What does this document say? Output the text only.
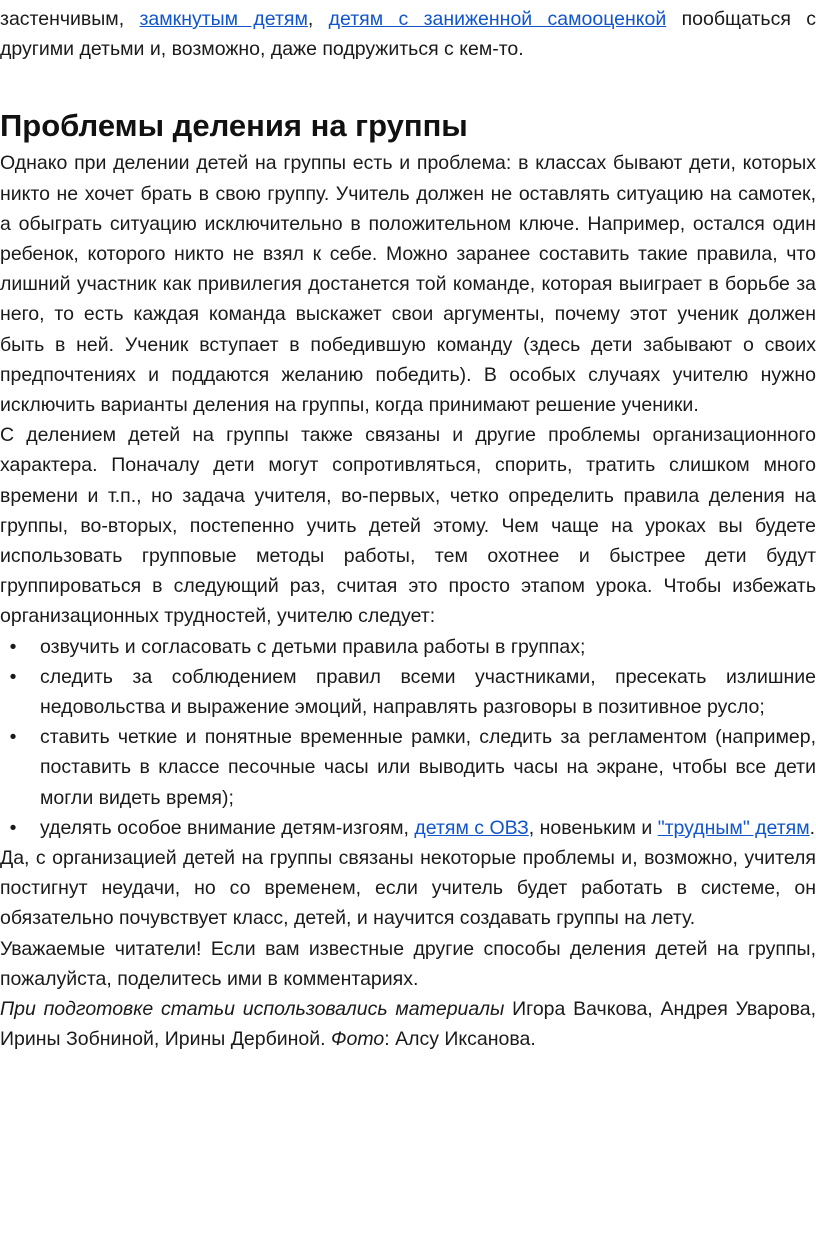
застенчивым, замкнутым детям, детям с заниженной самооценкой пообщаться с другими детьми и, возможно, даже подружиться с кем-то.

Проблемы деления на группы

Однако при делении детей на группы есть и проблема: в классах бывают дети, которых никто не хочет брать в свою группу. Учитель должен не оставлять ситуацию на самотек, а обыграть ситуацию исключительно в положительном ключе. Например, остался один ребенок, которого никто не взял к себе. Можно заранее составить такие правила, что лишний участник как привилегия достанется той команде, которая выиграет в борьбе за него, то есть каждая команда выскажет свои аргументы, почему этот ученик должен быть в ней. Ученик вступает в победившую команду (здесь дети забывают о своих предпочтениях и поддаются желанию победить). В особых случаях учителю нужно исключить варианты деления на группы, когда принимают решение ученики.

С делением детей на группы также связаны и другие проблемы организационного характера. Поначалу дети могут сопротивляться, спорить, тратить слишком много времени и т.п., но задача учителя, во-первых, четко определить правила деления на группы, во-вторых, постепенно учить детей этому. Чем чаще на уроках вы будете использовать групповые методы работы, тем охотнее и быстрее дети будут группироваться в следующий раз, считая это просто этапом урока. Чтобы избежать организационных трудностей, учителю следует:

• озвучить и согласовать с детьми правила работы в группах;
• следить за соблюдением правил всеми участниками, пресекать излишние недовольства и выражение эмоций, направлять разговоры в позитивное русло;
• ставить четкие и понятные временные рамки, следить за регламентом (например, поставить в классе песочные часы или выводить часы на экране, чтобы все дети могли видеть время);
• уделять особое внимание детям-изгоям, детям с ОВЗ, новеньким и "трудным" детям.

Да, с организацией детей на группы связаны некоторые проблемы и, возможно, учителя постигнут неудачи, но со временем, если учитель будет работать в системе, он обязательно почувствует класс, детей, и научится создавать группы на лету.

Уважаемые читатели! Если вам известные другие способы деления детей на группы, пожалуйста, поделитесь ими в комментариях.

При подготовке статьи использовались материалы Игора Вачкова, Андрея Уварова, Ирины Зобниной, Ирины Дербиной. Фото: Алсу Иксанова.
